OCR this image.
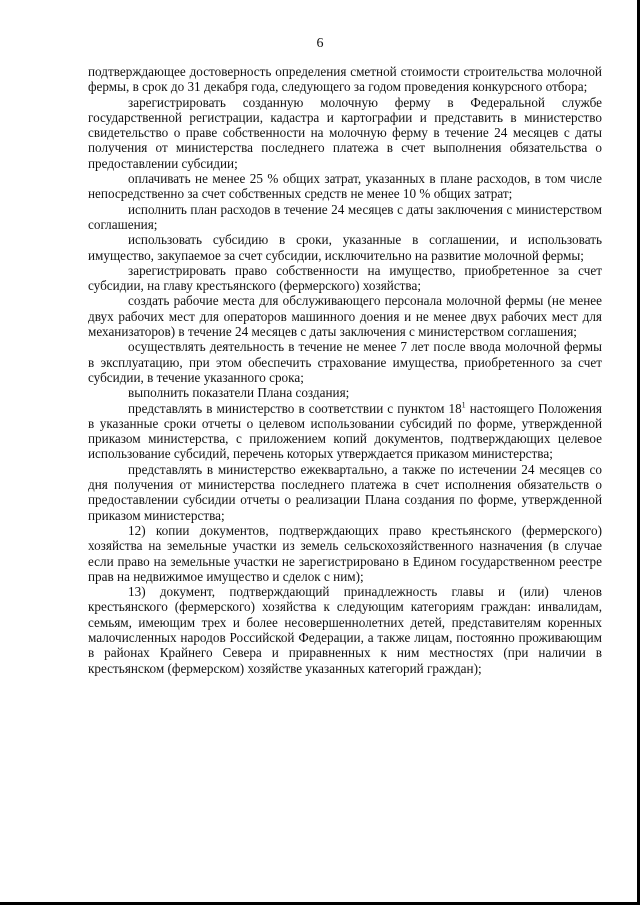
6

подтверждающее достоверность определения сметной стоимости строительства молочной фермы, в срок до 31 декабря года, следующего за годом проведения конкурсного отбора;

зарегистрировать созданную молочную ферму в Федеральной службе государственной регистрации, кадастра и картографии и представить в министерство свидетельство о праве собственности на молочную ферму в течение 24 месяцев с даты получения от министерства последнего платежа в счет выполнения обязательства о предоставлении субсидии;

оплачивать не менее 25 % общих затрат, указанных в плане расходов, в том числе непосредственно за счет собственных средств не менее 10 % общих затрат;

исполнить план расходов в течение 24 месяцев с даты заключения с министерством соглашения;

использовать субсидию в сроки, указанные в соглашении, и использовать имущество, закупаемое за счет субсидии, исключительно на развитие молочной фермы;

зарегистрировать право собственности на имущество, приобретенное за счет субсидии, на главу крестьянского (фермерского) хозяйства;

создать рабочие места для обслуживающего персонала молочной фермы (не менее двух рабочих мест для операторов машинного доения и не менее двух рабочих мест для механизаторов) в течение 24 месяцев с даты заключения с министерством соглашения;

осуществлять деятельность в течение не менее 7 лет после ввода молочной фермы в эксплуатацию, при этом обеспечить страхование имущества, приобретенного за счет субсидии, в течение указанного срока;

выполнить показатели Плана создания;

представлять в министерство в соответствии с пунктом $18^1$ настоящего Положения в указанные сроки отчеты о целевом использовании субсидий по форме, утвержденной приказом министерства, с приложением копий документов, подтверждающих целевое использование субсидий, перечень которых утверждается приказом министерства;

представлять в министерство ежеквартально, а также по истечении 24 месяцев со дня получения от министерства последнего платежа в счет исполнения обязательств о предоставлении субсидии отчеты о реализации Плана создания по форме, утвержденной приказом министерства;

12) копии документов, подтверждающих право крестьянского (фермерского) хозяйства на земельные участки из земель сельскохозяйственного назначения (в случае если право на земельные участки не зарегистрировано в Едином государственном реестре прав на недвижимое имущество и сделок с ним);

13) документ, подтверждающий принадлежность главы и (или) членов крестьянского (фермерского) хозяйства к следующим категориям граждан: инвалидам, семьям, имеющим трех и более несовершеннолетних детей, представителям коренных малочисленных народов Российской Федерации, а также лицам, постоянно проживающим в районах Крайнего Севера и приравненных к ним местностях (при наличии в крестьянском (фермерском) хозяйстве указанных категорий граждан);
